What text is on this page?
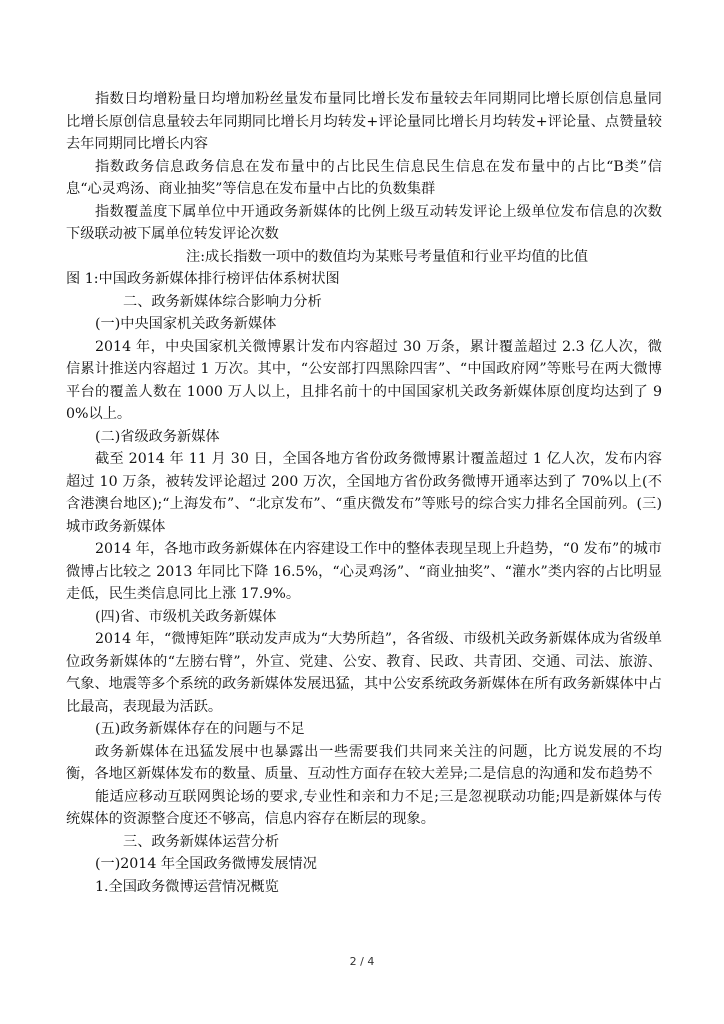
指数日均增粉量日均增加粉丝量发布量同比增长发布量较去年同期同比增长原创信息量同比增长原创信息量较去年同期同比增长月均转发+评论量同比增长月均转发+评论量、点赞量较去年同期同比增长内容

指数政务信息政务信息在发布量中的占比民生信息民生信息在发布量中的占比“B类”信息“心灵鸡汤、商业抽奖”等信息在发布量中占比的负数集群

指数覆盖度下属单位中开通政务新媒体的比例上级互动转发评论上级单位发布信息的次数下级联动被下属单位转发评论次数

注:成长指数一项中的数值均为某账号考量值和行业平均值的比值

图 1:中国政务新媒体排行榜评估体系树状图

二、政务新媒体综合影响力分析

(一)中央国家机关政务新媒体

2014 年，中央国家机关微博累计发布内容超过 30 万条，累计覆盖超过 2.3 亿人次，微信累计推送内容超过 1 万次。其中，“公安部打四黑除四害”、“中国政府网”等账号在两大微博平台的覆盖人数在 1000 万人以上，且排名前十的中国国家机关政务新媒体原创度均达到了 90%以上。

(二)省级政务新媒体

截至 2014 年 11 月 30 日，全国各地方省份政务微博累计覆盖超过 1 亿人次，发布内容超过 10 万条，被转发评论超过 200 万次，全国地方省份政务微博开通率达到了 70%以上(不含港澳台地区);“上海发布”、“北京发布”、“重庆微发布”等账号的综合实力排名全国前列。(三)城市政务新媒体

2014 年，各地市政务新媒体在内容建设工作中的整体表现呈现上升趋势，“0 发布”的城市微博占比较之 2013 年同比下降 16.5%，“心灵鸡汤”、“商业抽奖”、“灌水”类内容的占比明显走低，民生类信息同比上涨 17.9%。

(四)省、市级机关政务新媒体

2014 年，“微博矩阵”联动发声成为“大势所趋”，各省级、市级机关政务新媒体成为省级单位政务新媒体的“左膀右臂”，外宣、党建、公安、教育、民政、共青团、交通、司法、旅游、气象、地震等多个系统的政务新媒体发展迅猛，其中公安系统政务新媒体在所有政务新媒体中占比最高，表现最为活跃。

(五)政务新媒体存在的问题与不足

政务新媒体在迅猛发展中也暴露出一些需要我们共同来关注的问题，比方说发展的不均衡，各地区新媒体发布的数量、质量、互动性方面存在较大差异;二是信息的沟通和发布趋势不

能适应移动互联网舆论场的要求,专业性和亲和力不足;三是忽视联动功能;四是新媒体与传统媒体的资源整合度还不够高，信息内容存在断层的现象。

三、政务新媒体运营分析

(一)2014 年全国政务微博发展情况

1.全国政务微博运营情况概览

2 / 4
